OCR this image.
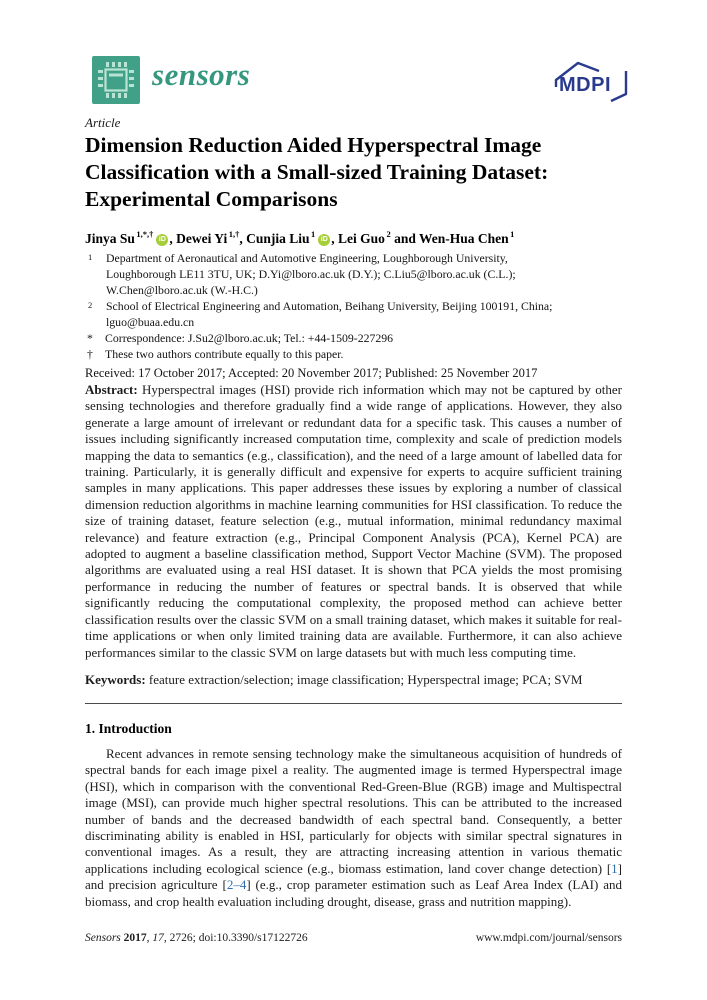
sensors	MDPI
Article
Dimension Reduction Aided Hyperspectral Image Classification with a Small-sized Training Dataset: Experimental Comparisons
Jinya Su $^{1,*,\dagger}$ iD , Dewei Yi $^{1,\dagger}$, Cunjia Liu $^1$ iD , Lei Guo $^2$ and Wen-Hua Chen $^1$
1	Department of Aeronautical and Automotive Engineering, Loughborough University,
Loughborough LE11 3TU, UK; D.Yi@lboro.ac.uk (D.Y.); C.Liu5@lboro.ac.uk (C.L.);
W.Chen@lboro.ac.uk (W.-H.C.)
2	School of Electrical Engineering and Automation, Beihang University, Beijing 100191, China;
lguo@buaa.edu.cn
*	Correspondence: J.Su2@lboro.ac.uk; Tel.: +44-1509-227296
†	These two authors contribute equally to this paper.
Received: 17 October 2017; Accepted: 20 November 2017; Published: 25 November 2017
Abstract: Hyperspectral images (HSI) provide rich information which may not be captured by other sensing technologies and therefore gradually find a wide range of applications. However, they also generate a large amount of irrelevant or redundant data for a specific task. This causes a number of issues including significantly increased computation time, complexity and scale of prediction models mapping the data to semantics (e.g., classification), and the need of a large amount of labelled data for training. Particularly, it is generally difficult and expensive for experts to acquire sufficient training samples in many applications. This paper addresses these issues by exploring a number of classical dimension reduction algorithms in machine learning communities for HSI classification. To reduce the size of training dataset, feature selection (e.g., mutual information, minimal redundancy maximal relevance) and feature extraction (e.g., Principal Component Analysis (PCA), Kernel PCA) are adopted to augment a baseline classification method, Support Vector Machine (SVM). The proposed algorithms are evaluated using a real HSI dataset. It is shown that PCA yields the most promising performance in reducing the number of features or spectral bands. It is observed that while significantly reducing the computational complexity, the proposed method can achieve better classification results over the classic SVM on a small training dataset, which makes it suitable for real-time applications or when only limited training data are available. Furthermore, it can also achieve performances similar to the classic SVM on large datasets but with much less computing time.
Keywords: feature extraction/selection; image classification; Hyperspectral image; PCA; SVM
1. Introduction
Recent advances in remote sensing technology make the simultaneous acquisition of hundreds of spectral bands for each image pixel a reality. The augmented image is termed Hyperspectral image (HSI), which in comparison with the conventional Red-Green-Blue (RGB) image and Multispectral image (MSI), can provide much higher spectral resolutions. This can be attributed to the increased number of bands and the decreased bandwidth of each spectral band. Consequently, a better discriminating ability is enabled in HSI, particularly for objects with similar spectral signatures in conventional images. As a result, they are attracting increasing attention in various thematic applications including ecological science (e.g., biomass estimation, land cover change detection) [1] and precision agriculture [2–4] (e.g., crop parameter estimation such as Leaf Area Index (LAI) and biomass, and crop health evaluation including drought, disease, grass and nutrition mapping).
Sensors 2017, 17, 2726; doi:10.3390/s17122726	www.mdpi.com/journal/sensors
